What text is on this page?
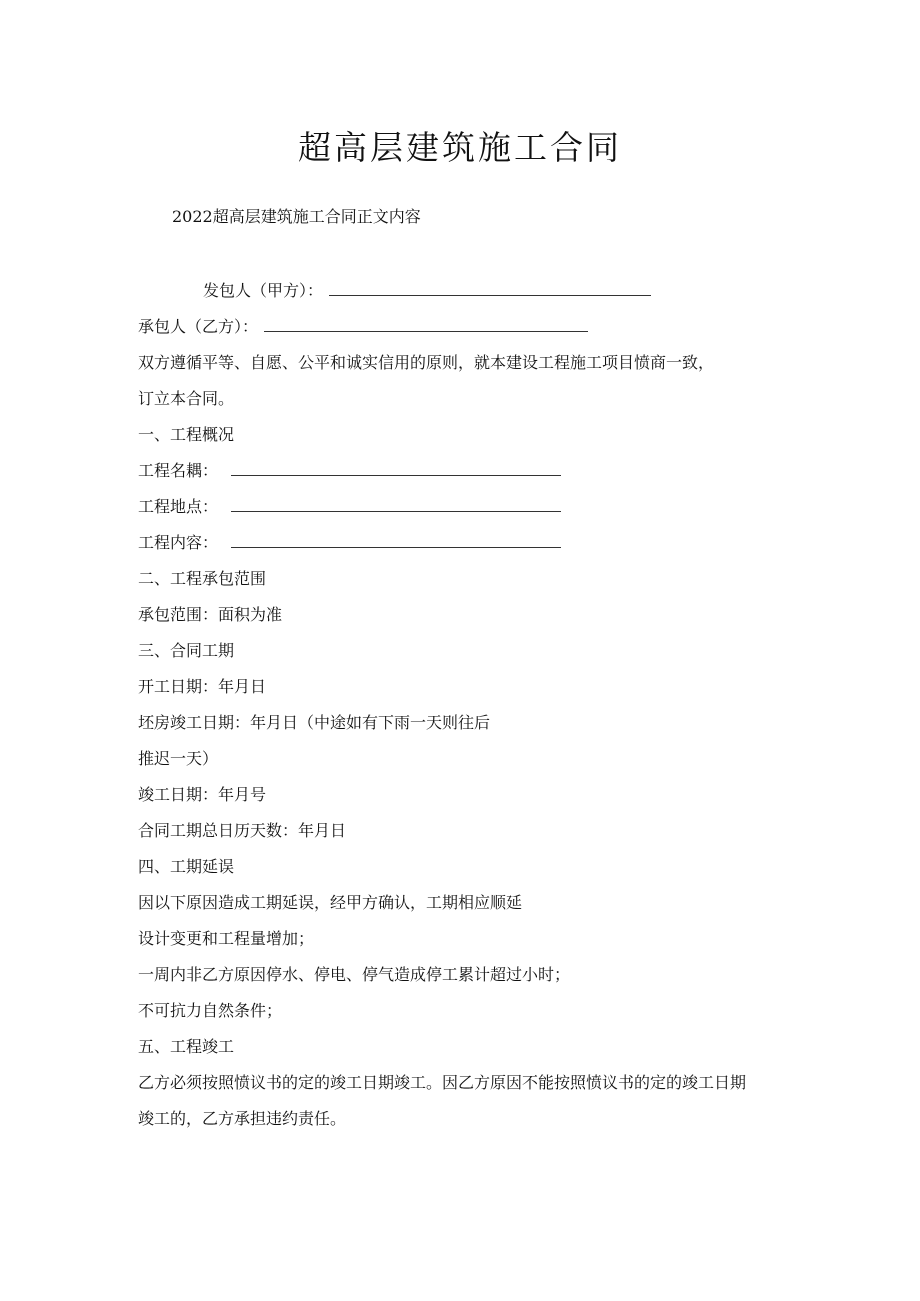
超高层建筑施工合同
2022超高层建筑施工合同正文内容
发包人（甲方）：
承包人（乙方）：
双方遵循平等、自愿、公平和诚实信用的原则，就本建设工程施工项目愤商一致，
订立本合同。
一、工程概况
工程名耦：
工程地点：
工程内容：
二、工程承包范围
承包范围：面积为准
三、合同工期
开工日期：年月日
坯房竣工日期：年月日（中途如有下雨一天则往后
推迟一天）
竣工日期：年月号
合同工期总日历天数：年月日
四、工期延误
因以下原因造成工期延误，经甲方确认，工期相应顺延
设计变更和工程量增加；
一周内非乙方原因停水、停电、停气造成停工累计超过小时；
不可抗力自然条件；
五、工程竣工
乙方必须按照愤议书的定的竣工日期竣工。因乙方原因不能按照愤议书的定的竣工日期
竣工的，乙方承担违约责任。
